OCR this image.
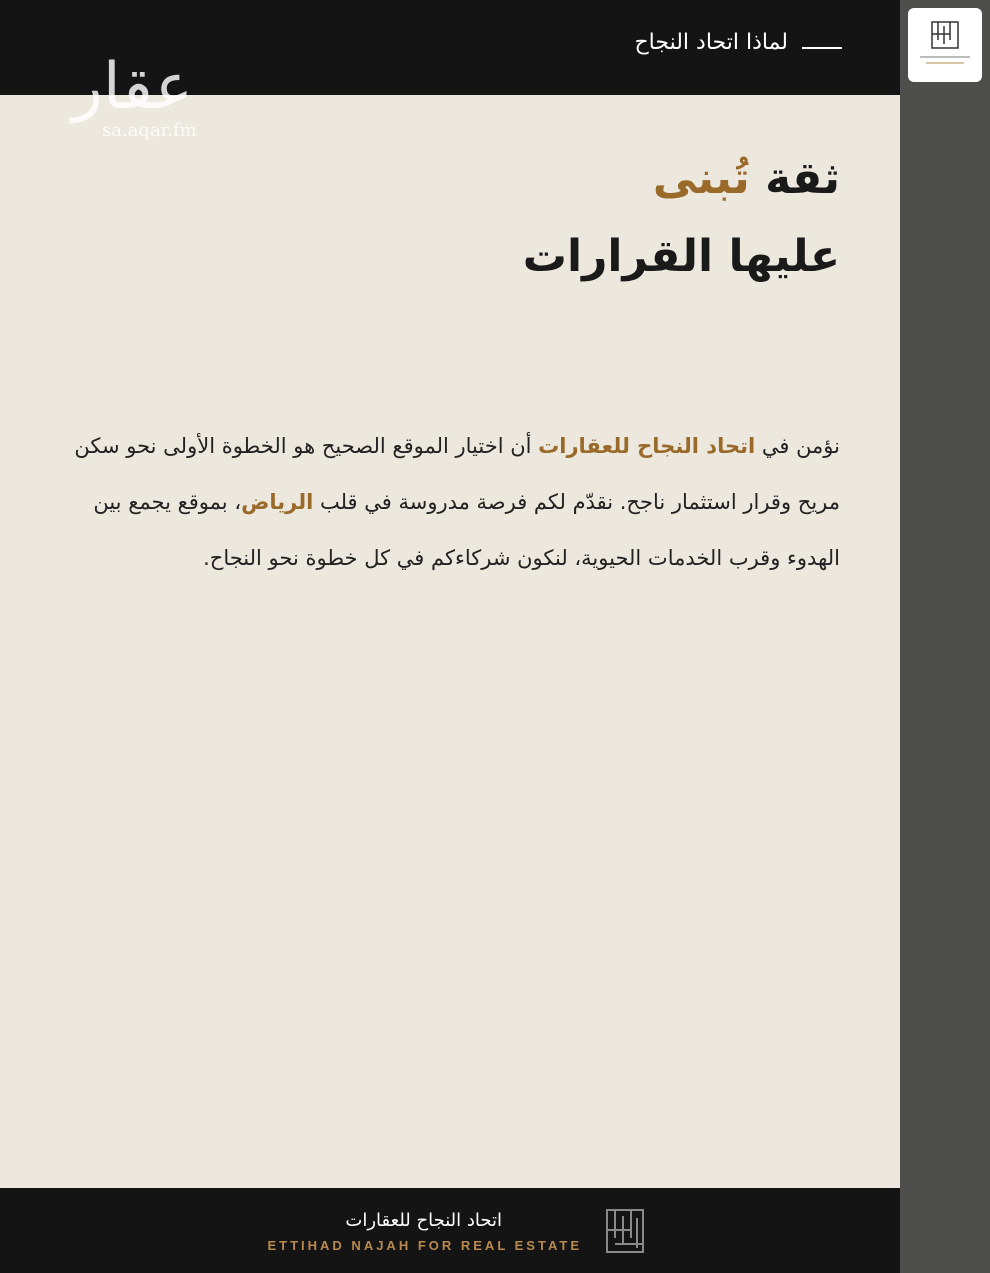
لماذا اتحاد النجاح
عقار
sa.aqar.fm
ثقة تُبنى
عليها القرارات
نؤمن في اتحاد النجاح للعقارات أن اختيار الموقع الصحيح هو الخطوة الأولى نحو سكن مريح وقرار استثمار ناجح. نقدّم لكم فرصة مدروسة في قلب الرياض، بموقع يجمع بين الهدوء وقرب الخدمات الحيوية، لنكون شركاءكم في كل خطوة نحو النجاح.
اتحاد النجاح للعقارات
ETTIHAD NAJAH FOR REAL ESTATE
